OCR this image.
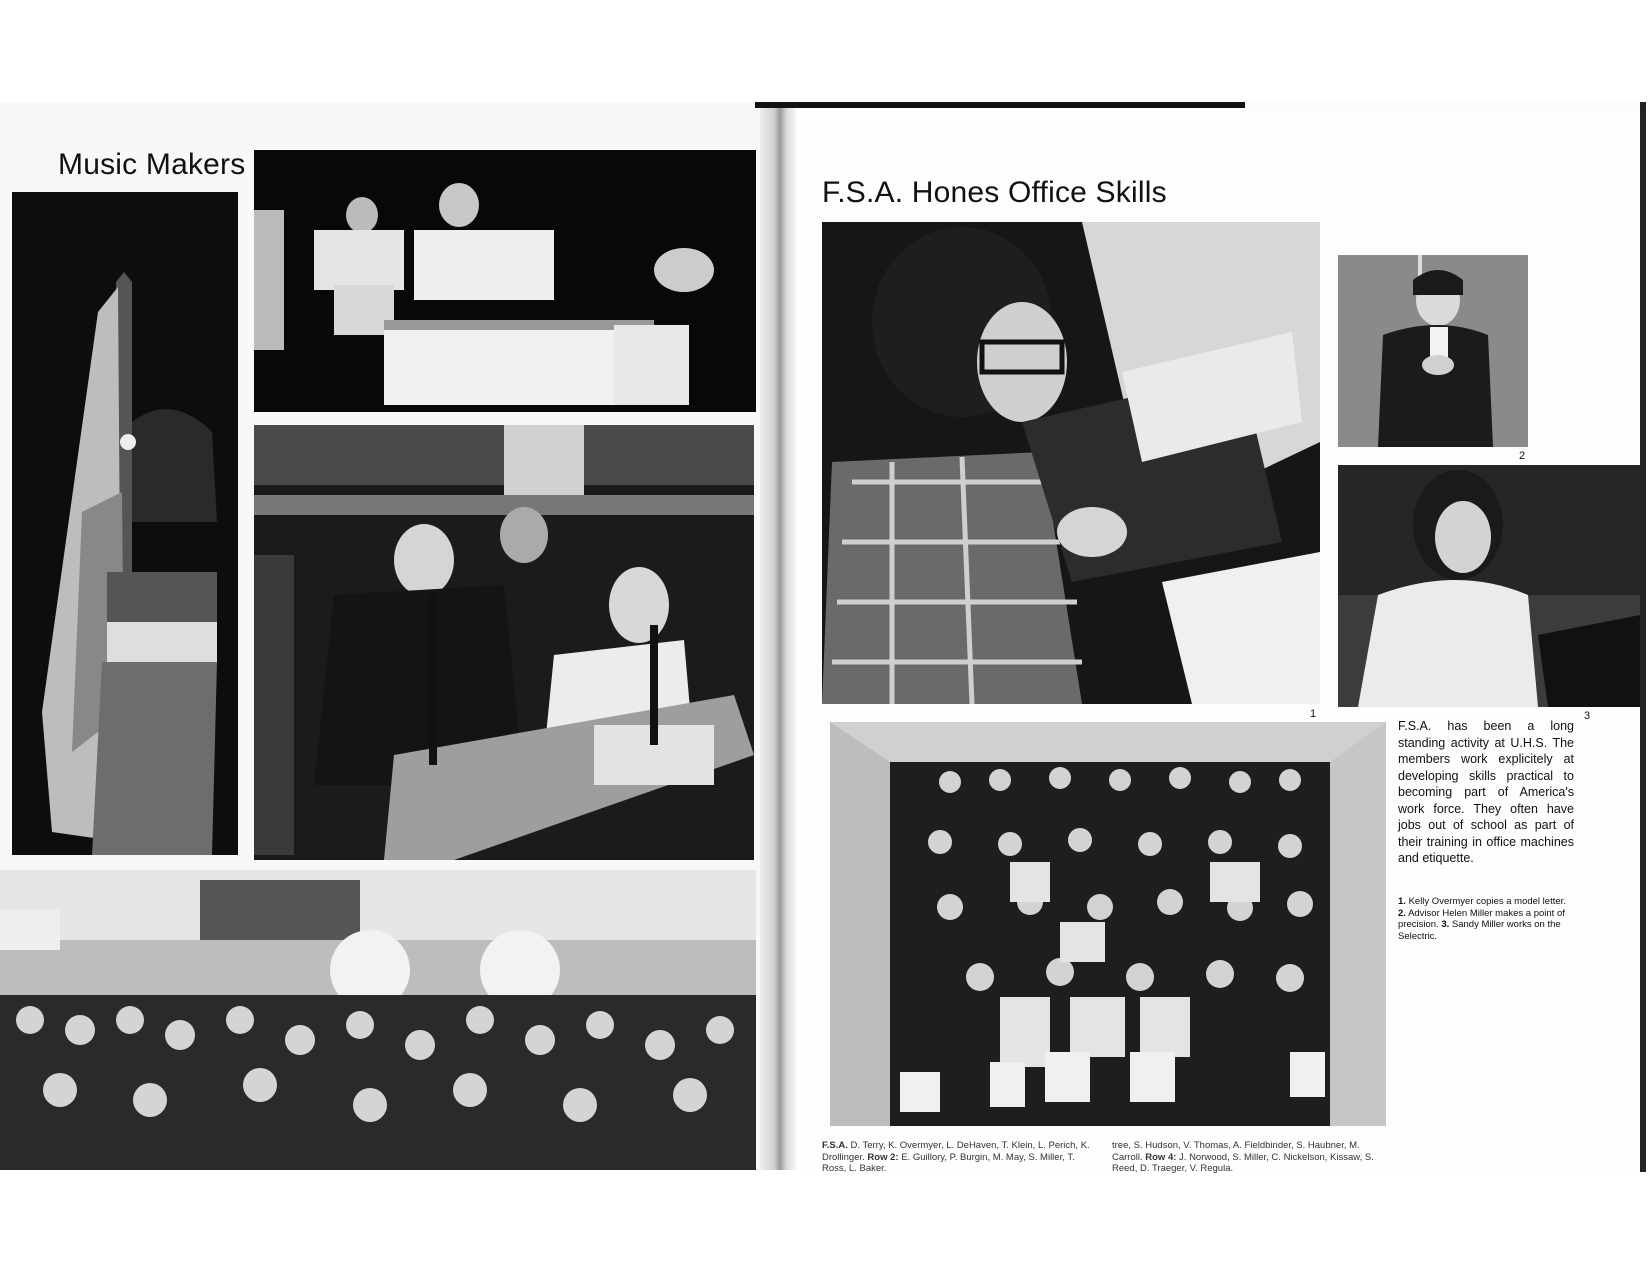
Music Makers
F.S.A. Hones Office Skills
1
2
3
F.S.A. has been a long standing activity at U.H.S. The members work explicitely at developing skills practical to becoming part of America's work force. They often have jobs out of school as part of their training in office machines and etiquette.
1. Kelly Overmyer copies a model letter. 2. Advisor Helen Miller makes a point of precision. 3. Sandy Miller works on the Selectric.
F.S.A. D. Terry, K. Overmyer, L. DeHaven, T. Klein, L. Perich, K. Drollinger. Row 2: E. Guillory, P. Burgin, M. May, S. Miller, T. Ross, L. Baker.
tree, S. Hudson, V. Thomas, A. Fieldbinder, S. Haubner, M. Carroll. Row 4: J. Norwood, S. Miller, C. Nickelson, Kissaw, S. Reed, D. Traeger, V. Regula.
